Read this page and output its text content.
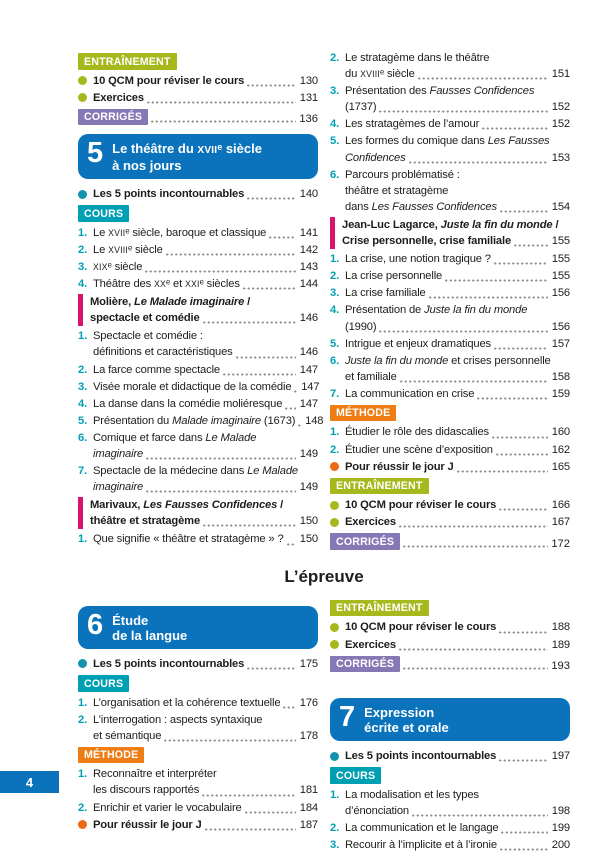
ENTRAÎNEMENT
10 QCM pour réviser le cours	130
Exercices	131
CORRIGÉS	136
5 Le théâtre du XVIIᵉ siècle
à nos jours
Les 5 points incontournables	140
COURS
1. Le XVIIᵉ siècle, baroque et classique	141
2. Le XVIIIᵉ siècle	142
3. XIXᵉ siècle	143
4. Théâtre des XXᵉ et XXIᵉ siècles	144
Molière, Le Malade imaginaire /
spectacle et comédie	146
1. Spectacle et comédie :
définitions et caractéristiques	146
2. La farce comme spectacle	147
3. Visée morale et didactique de la comédie 147
4. La danse dans la comédie moliéresque 147
5. Présentation du Malade imaginaire (1673) 148
6. Comique et farce dans Le Malade
imaginaire	149
7. Spectacle de la médecine dans Le Malade
imaginaire	149
Marivaux, Les Fausses Confidences /
théâtre et stratagème	150
1. Que signifie « théâtre et stratagème » ? 150
2. Le stratagème dans le théâtre
du XVIIIᵉ siècle	151
3. Présentation des Fausses Confidences
(1737)	152
4. Les stratagèmes de l’amour	152
5. Les formes du comique dans Les Fausses
Confidences	153
6. Parcours problématisé :
théâtre et stratagème
dans Les Fausses Confidences	154
Jean-Luc Lagarce, Juste la fin du monde /
Crise personnelle, crise familiale	155
1. La crise, une notion tragique ?	155
2. La crise personnelle	155
3. La crise familiale	156
4. Présentation de Juste la fin du monde
(1990)	156
5. Intrigue et enjeux dramatiques	157
6. Juste la fin du monde et crises personnelle
et familiale	158
7. La communication en crise	159
MÉTHODE
1. Étudier le rôle des didascalies	160
2. Étudier une scène d’exposition	162
Pour réussir le jour J	165
ENTRAÎNEMENT
10 QCM pour réviser le cours	166
Exercices	167
CORRIGÉS	172
L’épreuve
6 Étude
de la langue
Les 5 points incontournables	175
COURS
1. L’organisation et la cohérence textuelle 176
2. L’interrogation : aspects syntaxique
et sémantique	178
MÉTHODE
1. Reconnaître et interpréter
les discours rapportés	181
2. Enrichir et varier le vocabulaire	184
Pour réussir le jour J	187
ENTRAÎNEMENT
10 QCM pour réviser le cours	188
Exercices	189
CORRIGÉS	193
7 Expression
écrite et orale
Les 5 points incontournables	197
COURS
1. La modalisation et les types
d’énonciation	198
2. La communication et le langage	199
3. Recourir à l’implicite et à l’ironie	200
4
